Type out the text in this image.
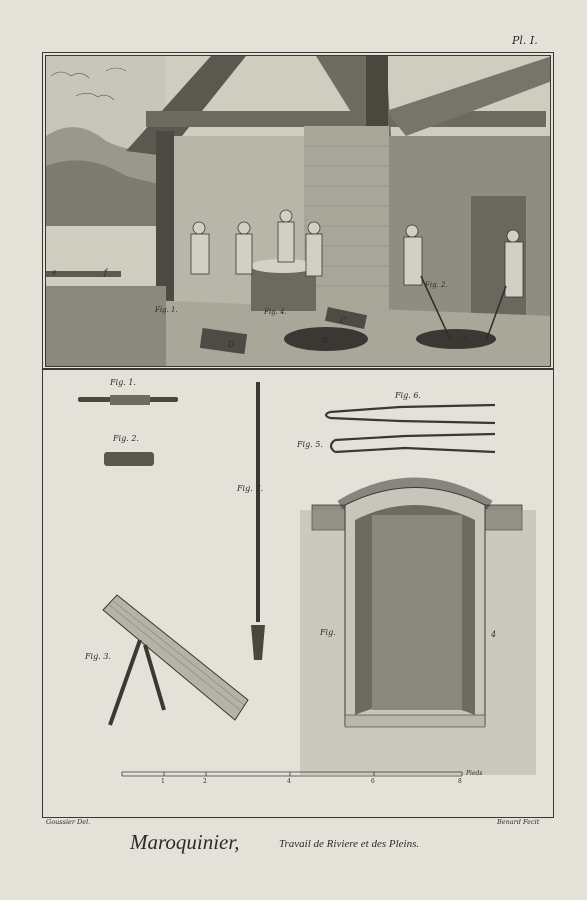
Pl. I.
Fig. 1.	Fig. 4.
Fig. 2.
A
B
C
D
e	f
Fig. 1.
Fig. 2.
Fig. 6.
Fig. 5.
Fig. 7.
Fig. 3.
Fig.	4
1	2	4	6	8
Pieds
Goussier Del.	Benard Fecit
Maroquinier,	Travail de Riviere et des Pleins.
